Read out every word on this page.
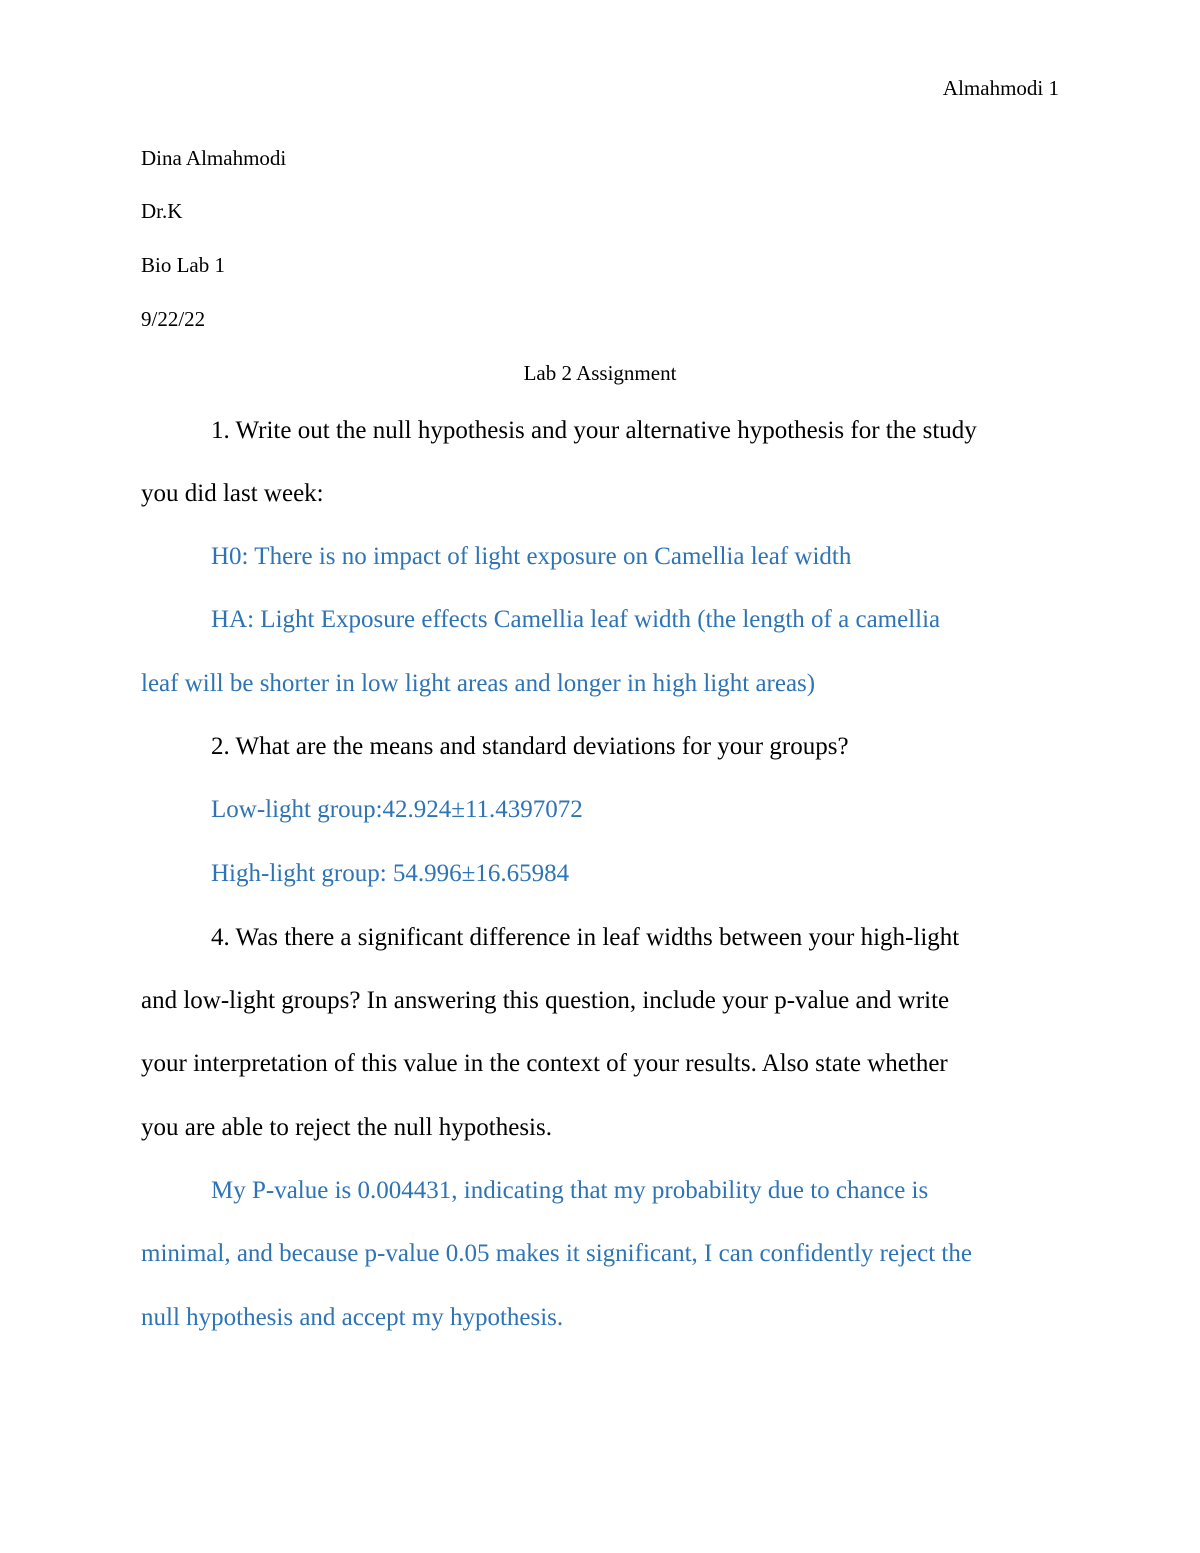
Almahmodi 1
Dina Almahmodi
Dr.K
Bio Lab 1
9/22/22
Lab 2 Assignment
1. Write out the null hypothesis and your alternative hypothesis for the study
you did last week:
H0: There is no impact of light exposure on Camellia leaf width
HA: Light Exposure effects Camellia leaf width (the length of a camellia
leaf will be shorter in low light areas and longer in high light areas)
2. What are the means and standard deviations for your groups?
Low-light group:42.924±11.4397072
High-light group: 54.996±16.65984
4. Was there a significant difference in leaf widths between your high-light
and low-light groups? In answering this question, include your p-value and write
your interpretation of this value in the context of your results. Also state whether
you are able to reject the null hypothesis.
My P-value is 0.004431, indicating that my probability due to chance is
minimal, and because p-value 0.05 makes it significant, I can confidently reject the
null hypothesis and accept my hypothesis.
